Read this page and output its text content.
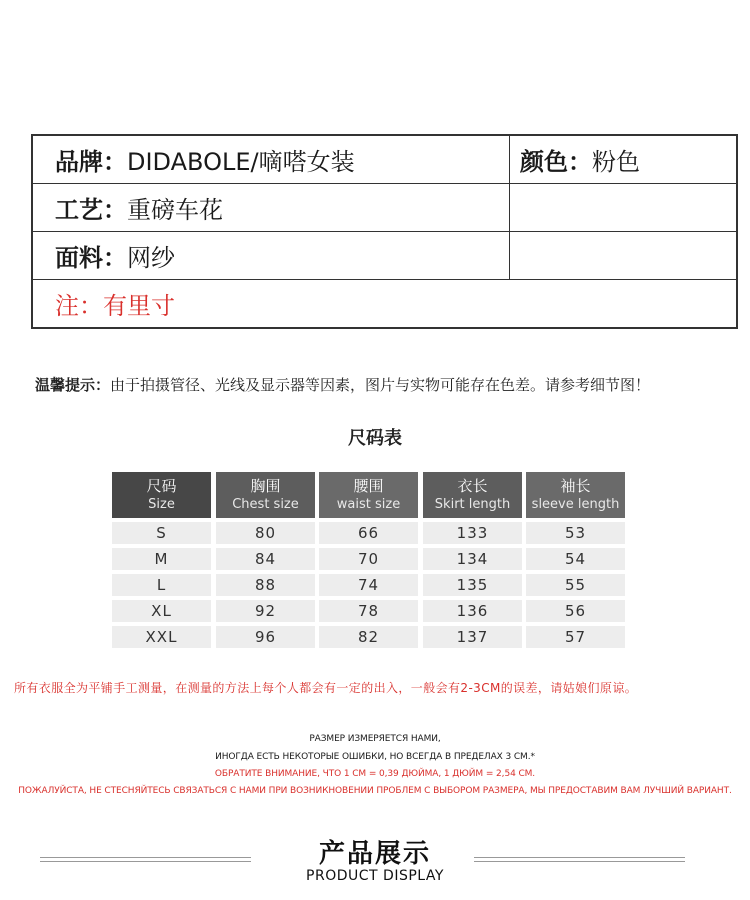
品牌： DIDABOLE/嘀嗒女装	颜色： 粉色
工艺： 重磅车花
面料： 网纱
注：有里寸
温馨提示：由于拍摄管径、光线及显示器等因素，图片与实物可能存在色差。请参考细节图！
尺码表
尺码
Size
S
M
L
XL
XXL
胸围
Chest size
80
84
88
92
96
腰围
waist size
66
70
74
78
82
衣长
Skirt length
133
134
135
136
137
袖长
sleeve length
53
54
55
56
57
所有衣服全为平铺手工测量，在测量的方法上每个人都会有一定的出入，一般会有2-3CM的误差，请姑娘们原谅。
РАЗМЕР ИЗМЕРЯЕТСЯ НАМИ,
ИНОГДА ЕСТЬ НЕКОТОРЫЕ ОШИБКИ, НО ВСЕГДА В ПРЕДЕЛАХ 3 СМ.*
ОБРАТИТЕ ВНИМАНИЕ, ЧТО 1 СМ = 0,39 ДЮЙМА, 1 ДЮЙМ = 2,54 СМ.
ПОЖАЛУЙСТА, НЕ СТЕСНЯЙТЕСЬ СВЯЗАТЬСЯ С НАМИ ПРИ ВОЗНИКНОВЕНИИ ПРОБЛЕМ С ВЫБОРОМ РАЗМЕРА, МЫ ПРЕДОСТАВИМ ВАМ ЛУЧШИЙ ВАРИАНТ.
产品展示
PRODUCT DISPLAY
